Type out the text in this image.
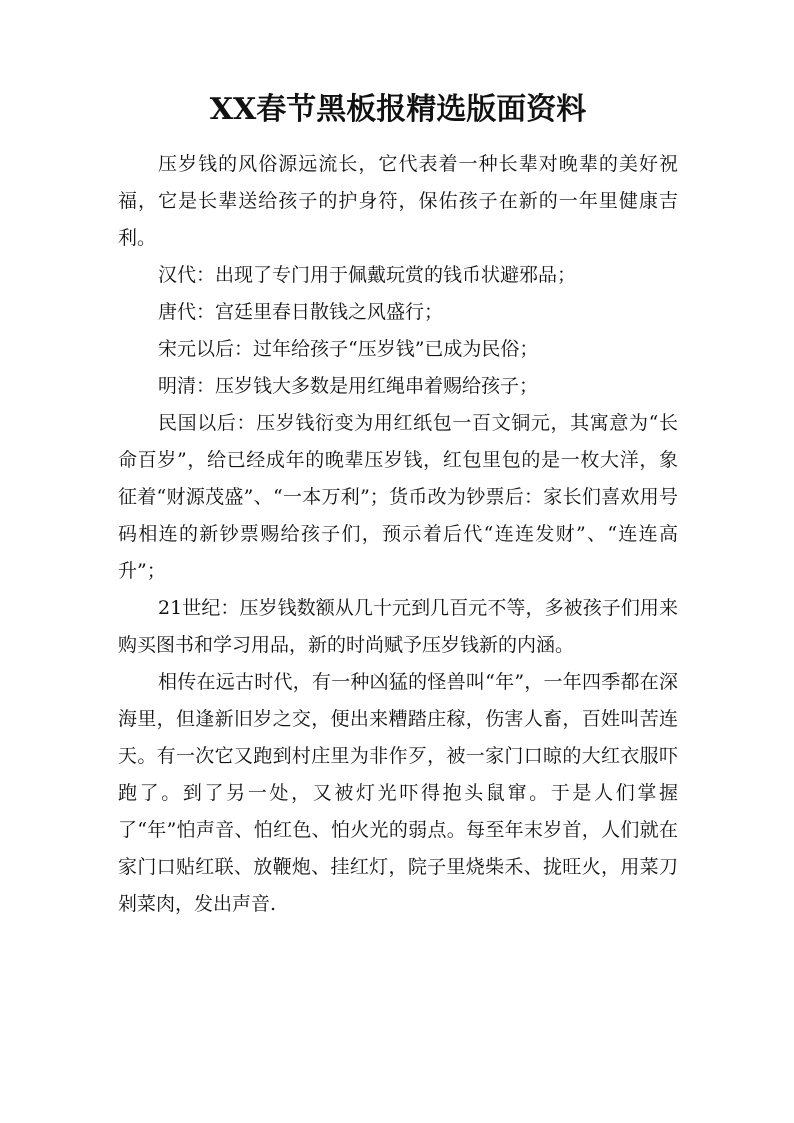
XX春节黑板报精选版面资料

压岁钱的风俗源远流长，它代表着一种长辈对晚辈的美好祝福，它是长辈送给孩子的护身符，保佑孩子在新的一年里健康吉利。

汉代：出现了专门用于佩戴玩赏的钱币状避邪品；

唐代：宫廷里春日散钱之风盛行；

宋元以后：过年给孩子“压岁钱”已成为民俗；

明清：压岁钱大多数是用红绳串着赐给孩子；

民国以后：压岁钱衍变为用红纸包一百文铜元，其寓意为“长命百岁”，给已经成年的晚辈压岁钱，红包里包的是一枚大洋，象征着“财源茂盛”、“一本万利”；货币改为钞票后：家长们喜欢用号码相连的新钞票赐给孩子们，预示着后代“连连发财”、“连连高升”；

21世纪：压岁钱数额从几十元到几百元不等，多被孩子们用来购买图书和学习用品，新的时尚赋予压岁钱新的内涵。

相传在远古时代，有一种凶猛的怪兽叫“年”，一年四季都在深海里，但逢新旧岁之交，便出来糟踏庄稼，伤害人畜，百姓叫苦连天。有一次它又跑到村庄里为非作歹，被一家门口晾的大红衣服吓跑了。到了另一处，又被灯光吓得抱头鼠窜。于是人们掌握了“年”怕声音、怕红色、怕火光的弱点。每至年末岁首，人们就在家门口贴红联、放鞭炮、挂红灯，院子里烧柴禾、拢旺火，用菜刀剁菜肉，发出声音.
